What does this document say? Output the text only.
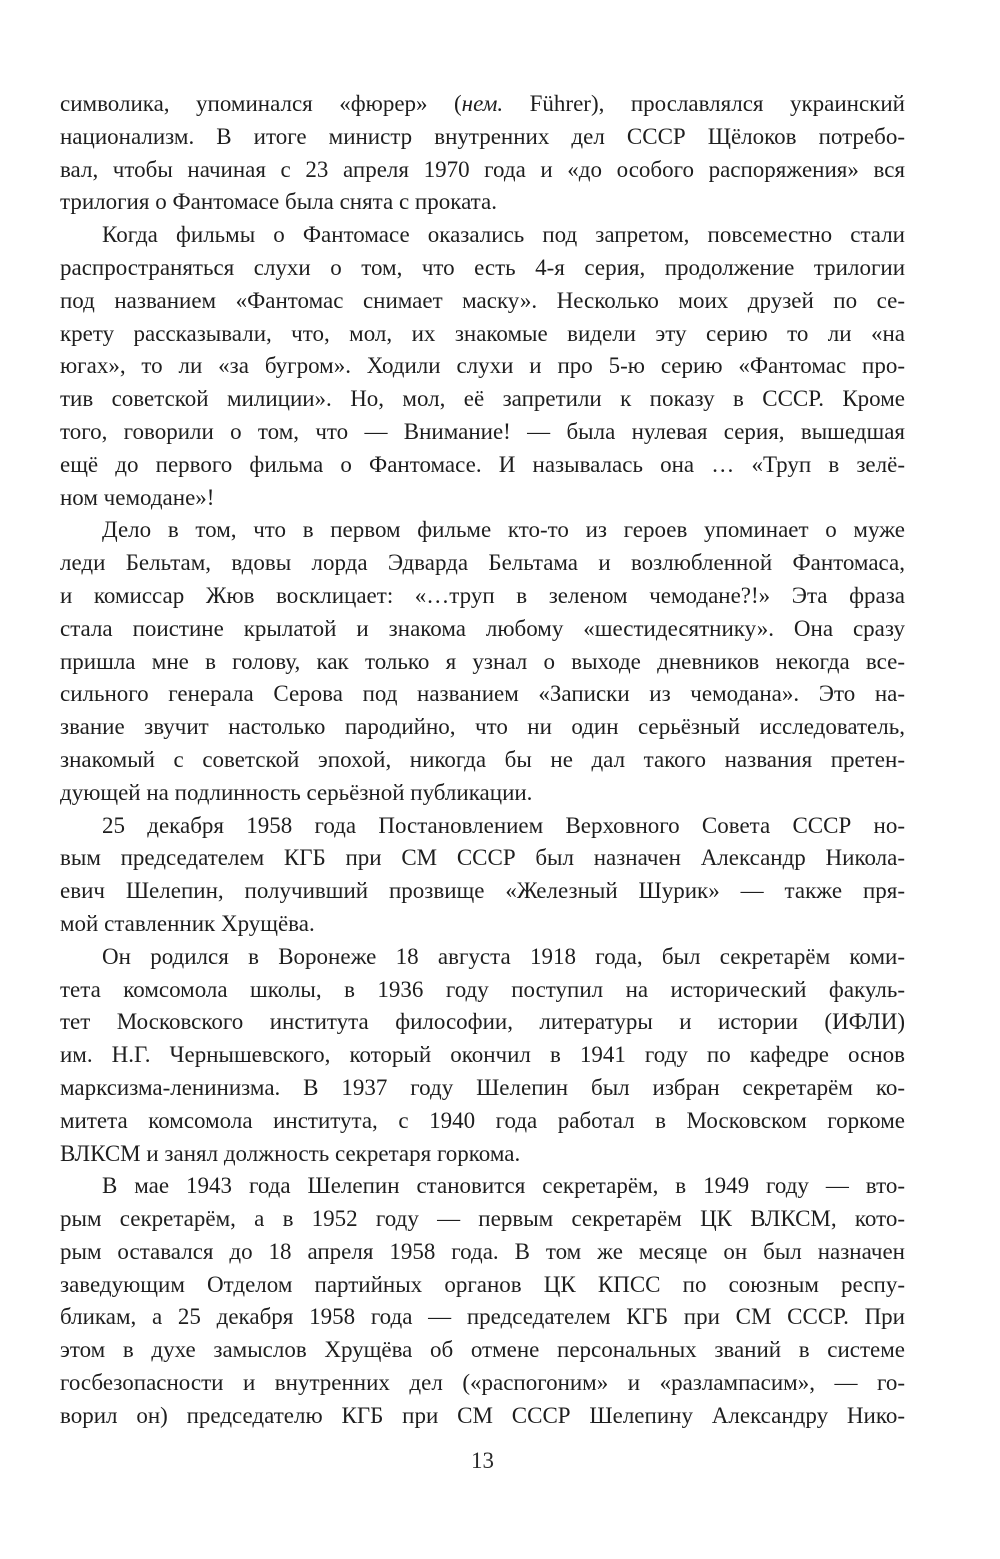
символика, упоминался «фюрер» (нем. Führer), прославлялся украинский
национализм. В итоге министр внутренних дел СССР Щёлоков потребо-
вал, чтобы начиная с 23 апреля 1970 года и «до особого распоряжения» вся
трилогия о Фантомасе была снята с проката.
Когда фильмы о Фантомасе оказались под запретом, повсеместно стали
распространяться слухи о том, что есть 4-я серия, продолжение трилогии
под названием «Фантомас снимает маску». Несколько моих друзей по се-
крету рассказывали, что, мол, их знакомые видели эту серию то ли «на
югах», то ли «за бугром». Ходили слухи и про 5-ю серию «Фантомас про-
тив советской милиции». Но, мол, её запретили к показу в СССР. Кроме
того, говорили о том, что — Внимание! — была нулевая серия, вышедшая
ещё до первого фильма о Фантомасе. И называлась она … «Труп в зелё-
ном чемодане»!
Дело в том, что в первом фильме кто-то из героев упоминает о муже
леди Бельтам, вдовы лорда Эдварда Бельтама и возлюбленной Фантомаса,
и комиссар Жюв восклицает: «…труп в зеленом чемодане?!» Эта фраза
стала поистине крылатой и знакома любому «шестидесятнику». Она сразу
пришла мне в голову, как только я узнал о выходе дневников некогда все-
сильного генерала Серова под названием «Записки из чемодана». Это на-
звание звучит настолько пародийно, что ни один серьёзный исследователь,
знакомый с советской эпохой, никогда бы не дал такого названия претен-
дующей на подлинность серьёзной публикации.
25 декабря 1958 года Постановлением Верховного Совета СССР но-
вым председателем КГБ при СМ СССР был назначен Александр Никола-
евич Шелепин, получивший прозвище «Железный Шурик» — также пря-
мой ставленник Хрущёва.
Он родился в Воронеже 18 августа 1918 года, был секретарём коми-
тета комсомола школы, в 1936 году поступил на исторический факуль-
тет Московского института философии, литературы и истории (ИФЛИ)
им. Н.Г. Чернышевского, который окончил в 1941 году по кафедре основ
марксизма-ленинизма. В 1937 году Шелепин был избран секретарём ко-
митета комсомола института, с 1940 года работал в Московском горкоме
ВЛКСМ и занял должность секретаря горкома.
В мае 1943 года Шелепин становится секретарём, в 1949 году — вто-
рым секретарём, а в 1952 году — первым секретарём ЦК ВЛКСМ, кото-
рым оставался до 18 апреля 1958 года. В том же месяце он был назначен
заведующим Отделом партийных органов ЦК КПСС по союзным респу-
бликам, а 25 декабря 1958 года — председателем КГБ при СМ СССР. При
этом в духе замыслов Хрущёва об отмене персональных званий в системе
госбезопасности и внутренних дел («распогоним» и «разлампасим», — го-
ворил он) председателю КГБ при СМ СССР Шелепину Александру Нико-
13
